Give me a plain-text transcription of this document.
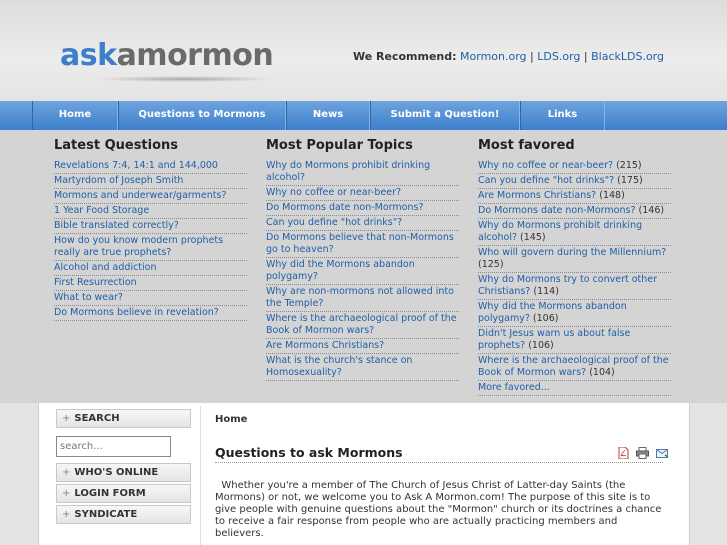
askamormon	We Recommend: Mormon.org | LDS.org | BlackLDS.org
Home	Questions to Mormons	News	Submit a Question!	Links
Latest Questions
Revelations 7:4, 14:1 and 144,000
Martyrdom of Joseph Smith
Mormons and underwear/garments?
1 Year Food Storage
Bible translated correctly?
How do you know modern prophets really are true prophets?
Alcohol and addiction
First Resurrection
What to wear?
Do Mormons believe in revelation?
Most Popular Topics
Why do Mormons prohibit drinking alcohol?
Why no coffee or near-beer?
Do Mormons date non-Mormons?
Can you define "hot drinks"?
Do Mormons believe that non-Mormons go to heaven?
Why did the Mormons abandon polygamy?
Why are non-mormons not allowed into the Temple?
Where is the archaeological proof of the Book of Mormon wars?
Are Mormons Christians?
What is the church's stance on Homosexuality?
Most favored
Why no coffee or near-beer? (215)
Can you define "hot drinks"? (175)
Are Mormons Christians? (148)
Do Mormons date non-Mormons? (146)
Why do Mormons prohibit drinking alcohol? (145)
Who will govern during the Millennium? (125)
Why do Mormons try to convert other Christians? (114)
Why did the Mormons abandon polygamy? (106)
Didn't Jesus warn us about false prophets? (106)
Where is the archaeological proof of the Book of Mormon wars? (104)
More favored...
+ SEARCH
search...
+ WHO'S ONLINE
+ LOGIN FORM
+ SYNDICATE
Home
Questions to ask Mormons

Whether you're a member of The Church of Jesus Christ of Latter-day Saints (the Mormons) or not, we welcome you to Ask A Mormon.com! The purpose of this site is to give people with genuine questions about the "Mormon" church or its doctrines a chance to receive a fair response from people who are actually practicing members and believers.
